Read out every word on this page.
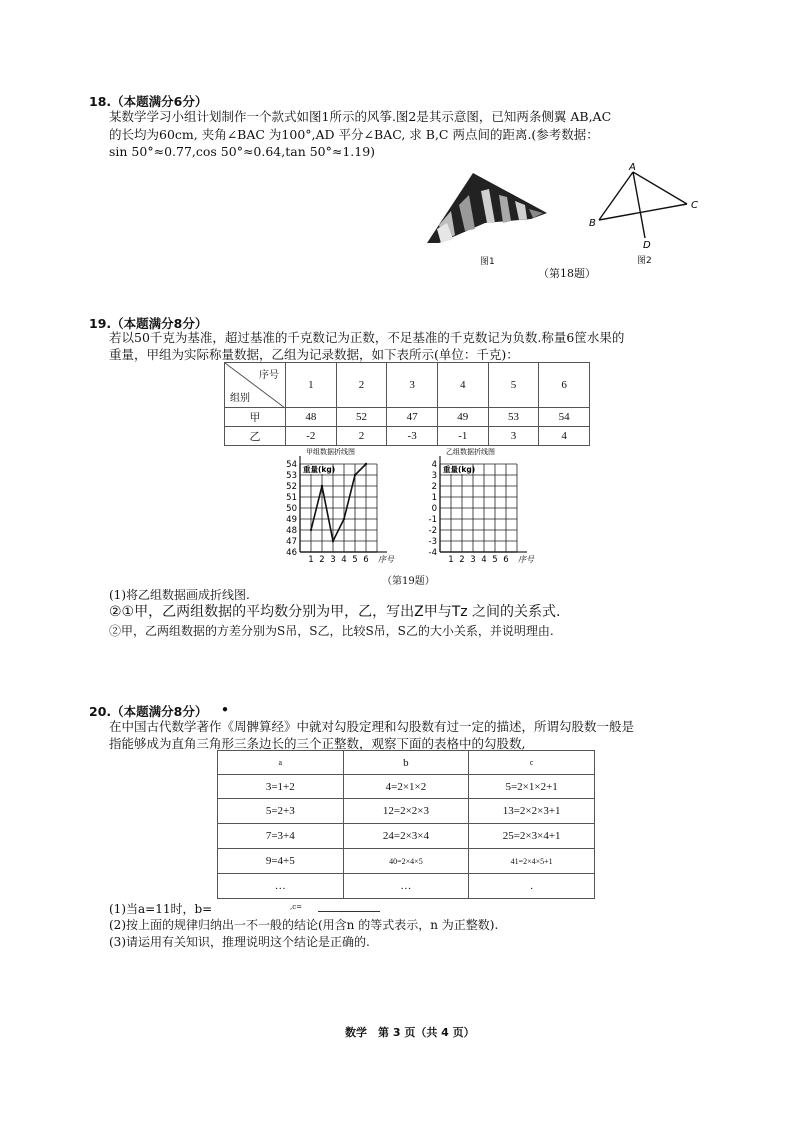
18.（本题满分6分）
某数学学习小组计划制作一个款式如图1所示的风筝.图2是其示意图，已知两条侧翼 AB,AC
的长均为60cm, 夹角∠BAC 为100°,AD 平分∠BAC, 求 B,C 两点间的距离.(参考数据：
sin 50°≈0.77,cos 50°≈0.64,tan 50°≈1.19)
图1
A
B
C
D
图2
（第18题）
19.（本题满分8分）
若以50千克为基准，超过基准的千克数记为正数，不足基准的千克数记为负数.称量6筐水果的
重量，甲组为实际称量数据，乙组为记录数据，如下表所示(单位：千克)：
序号
组别	1	2	3	4	5	6
甲	48	52	47	49	53	54
乙	-2	2	-3	-1	3	4
甲组数据折线图
重量(kg)
54
53
52
51
50
49
48
47
46
1 2 3 4 5 6 序号
乙组数据折线图
重量(kg)
4
3
2
1
0
-1
-2
-3
-4
1 2 3 4 5 6 序号
（第19题）
(1)将乙组数据画成折线图.
②①甲，乙两组数据的平均数分别为甲，乙，写出Z甲与Tz 之间的关系式.
②甲，乙两组数据的方差分别为S吊，S乙，比较S吊，S乙的大小关系，并说明理由.
20.（本题满分8分） •
在中国古代数学著作《周髀算经》中就对勾股定理和勾股数有过一定的描述，所谓勾股数一般是
指能够成为直角三角形三条边长的三个正整数，观察下面的表格中的勾股数,
a	b	c
3=1+2	4=2×1×2	5=2×1×2+1
5=2+3	12=2×2×3	13=2×2×3+1
7=3+4	24=2×3×4	25=2×3×4+1
9=4+5	40=2×4×5	41=2×4×5+1
…	…	.
(1)当a=11时，b=	,c=
(2)按上面的规律归纳出一不一般的结论(用含n 的等式表示，n 为正整数).
(3)请运用有关知识，推理说明这个结论是正确的.
数学　第 3 页（共 4 页）
